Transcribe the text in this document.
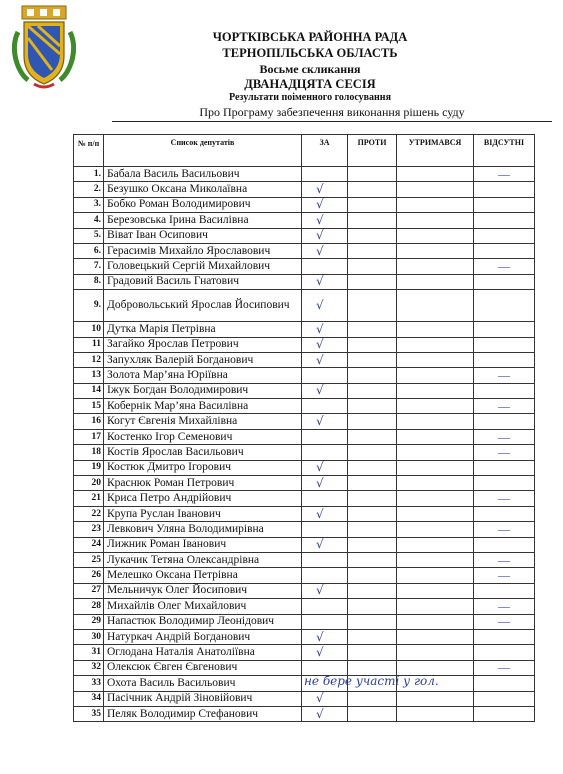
ЧОРТКІВСЬКА РАЙОННА РАДА
ТЕРНОПІЛЬСЬКА ОБЛАСТЬ
Восьме скликання
ДВАНАДЦЯТА СЕСІЯ
Результати поіменного голосування
Про Програму забезпечення виконання рішень суду
№ п/п	Список депутатів	ЗА	ПРОТИ	УТРИМАВСЯ	ВІДСУТНІ
1.	Бабала Василь Васильович				—
2.	Безушко Оксана Миколаївна	√			
3.	Бобко Роман Володимирович	√			
4.	Березовська Ірина Василівна	√			
5.	Віват Іван Осипович	√			
6.	Герасимів Михайло Ярославович	√			
7.	Головецький Сергій Михайлович				—
8.	Градовий Василь Гнатович	√			
9.	Добровольський Ярослав Йосипович	√			
10	Дутка Марія Петрівна	√			
11	Загайко Ярослав Петрович	√			
12	Запухляк Валерій Богданович	√			
13	Золота Мар’яна Юріївна				—
14	Іжук Богдан Володимирович	√			
15	Кобернік Мар’яна Василівна				—
16	Когут Євгенія Михайлівна	√			
17	Костенко Ігор Семенович				—
18	Костів Ярослав Васильович				—
19	Костюк Дмитро Ігорович	√			
20	Краснюк Роман Петрович	√			
21	Криса Петро Андрійович				—
22	Крупа Руслан Іванович	√			
23	Левкович Уляна Володимирівна				—
24	Лижник Роман Іванович	√			
25	Лукачик Тетяна Олександрівна				—
26	Мелешко Оксана Петрівна				—
27	Мельничук Олег Йосипович	√			
28	Михайлів Олег Михайлович				—
29	Напастюк Володимир Леонідович				—
30	Натуркач Андрій Богданович	√			
31	Оглодана Наталія Анатоліївна	√			
32	Олексюк Євген Євгенович				—
33	Охота Василь Васильович	не бере участі у гол.			

34	Пасічник Андрій Зіновійович	√			
35	Пеляк Володимир Стефанович	√			
